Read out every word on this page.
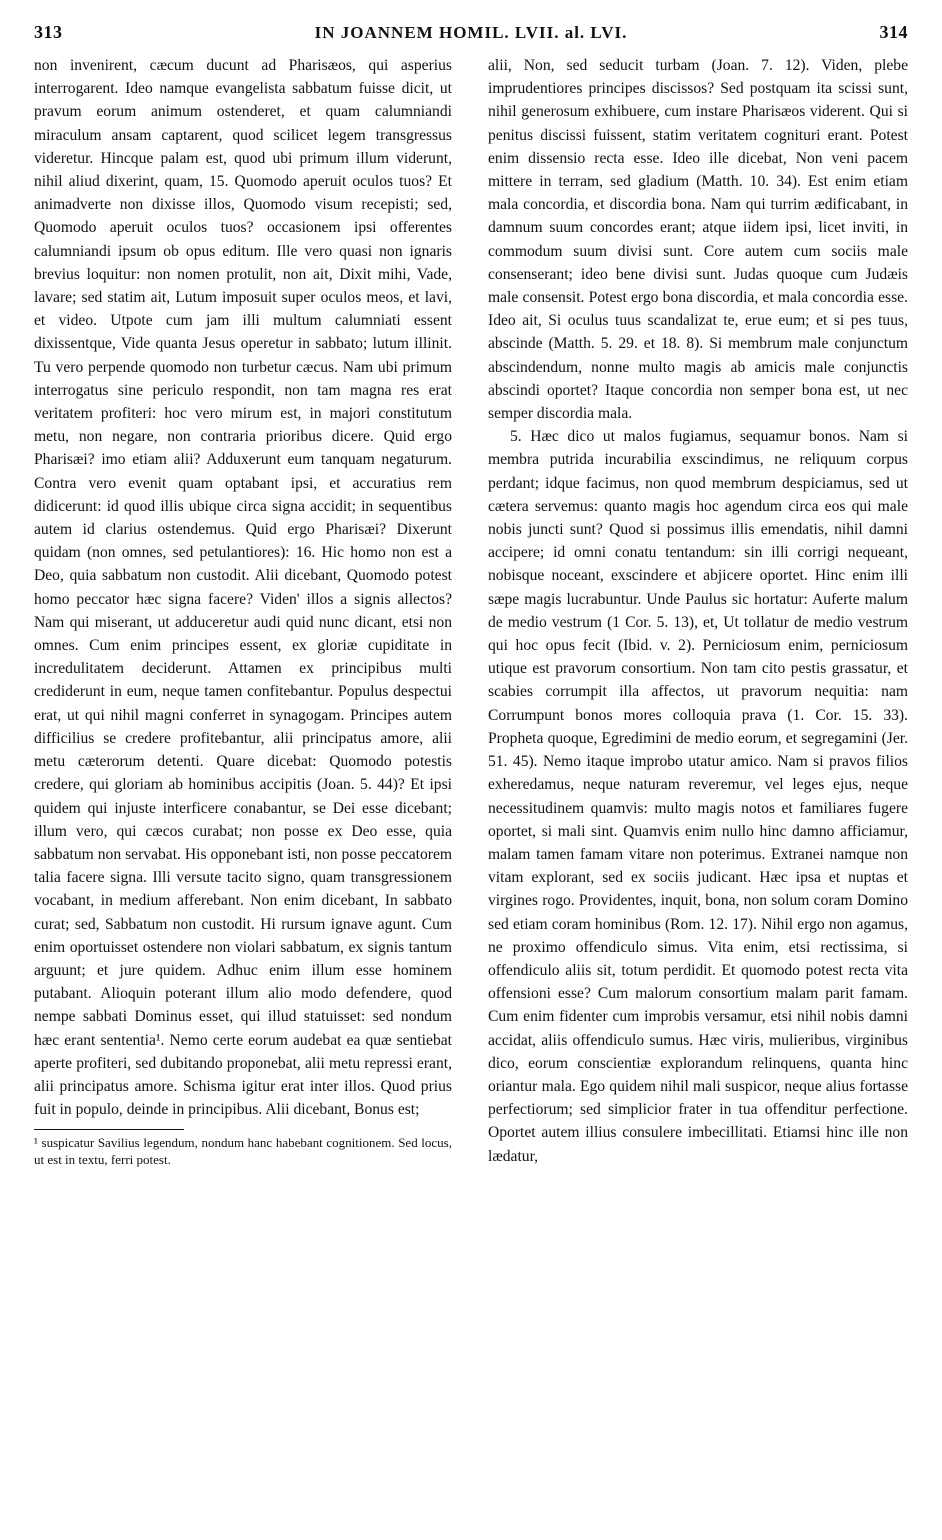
313	IN JOANNEM HOMIL. LVII. al. LVI.	314

non invenirent, cæcum ducunt ad Pharisæos, qui asperius interrogarent. Ideo namque evangelista sabbatum fuisse dicit, ut pravum eorum animum ostenderet, et quam calumniandi miraculum ansam captarent, quod scilicet legem transgressus videretur. Hincque palam est, quod ubi primum illum viderunt, nihil aliud dixerint, quam, 15. Quomodo aperuit oculos tuos? Et animadverte non dixisse illos, Quomodo visum recepisti; sed, Quomodo aperuit oculos tuos? occasionem ipsi offerentes calumniandi ipsum ob opus editum. Ille vero quasi non ignaris brevius loquitur: non nomen protulit, non ait, Dixit mihi, Vade, lavare; sed statim ait, Lutum imposuit super oculos meos, et lavi, et video. Utpote cum jam illi multum calumniati essent dixissentque, Vide quanta Jesus operetur in sabbato; lutum illinit. Tu vero perpende quomodo non turbetur cæcus. Nam ubi primum interrogatus sine periculo respondit, non tam magna res erat veritatem profiteri: hoc vero mirum est, in majori constitutum metu, non negare, non contraria prioribus dicere. Quid ergo Pharisæi? imo etiam alii? Adduxerunt eum tanquam negaturum. Contra vero evenit quam optabant ipsi, et accuratius rem didicerunt: id quod illis ubique circa signa accidit; in sequentibus autem id clarius ostendemus. Quid ergo Pharisæi? Dixerunt quidam (non omnes, sed petulantiores): 16. Hic homo non est a Deo, quia sabbatum non custodit. Alii dicebant, Quomodo potest homo peccator hæc signa facere? Viden' illos a signis allectos? Nam qui miserant, ut adduceretur audi quid nunc dicant, etsi non omnes. Cum enim principes essent, ex gloriæ cupiditate in incredulitatem deciderunt. Attamen ex principibus multi crediderunt in eum, neque tamen confitebantur. Populus despectui erat, ut qui nihil magni conferret in synagogam. Principes autem difficilius se credere profitebantur, alii principatus amore, alii metu cæterorum detenti. Quare dicebat: Quomodo potestis credere, qui gloriam ab hominibus accipitis (Joan. 5. 44)? Et ipsi quidem qui injuste interficere conabantur, se Dei esse dicebant; illum vero, qui cæcos curabat; non posse ex Deo esse, quia sabbatum non servabat. His opponebant isti, non posse peccatorem talia facere signa. Illi versute tacito signo, quam transgressionem vocabant, in medium afferebant. Non enim dicebant, In sabbato curat; sed, Sabbatum non custodit. Hi rursum ignave agunt. Cum enim oportuisset ostendere non violari sabbatum, ex signis tantum arguunt; et jure quidem. Adhuc enim illum esse hominem putabant. Alioquin poterant illum alio modo defendere, quod nempe sabbati Dominus esset, qui illud statuisset: sed nondum hæc erant sententia¹. Nemo certe eorum audebat ea quæ sentiebat aperte profiteri, sed dubitando proponebat, alii metu repressi erant, alii principatus amore. Schisma igitur erat inter illos. Quod prius fuit in populo, deinde in principibus. Alii dicebant, Bonus est;

¹ suspicatur Savilius legendum, nondum hanc habebant cognitionem. Sed locus, ut est in textu, ferri potest.

alii, Non, sed seducit turbam (Joan. 7. 12). Viden, plebe imprudentiores principes discissos? Sed postquam ita scissi sunt, nihil generosum exhibuere, cum instare Pharisæos viderent. Qui si penitus discissi fuissent, statim veritatem cognituri erant. Potest enim dissensio recta esse. Ideo ille dicebat, Non veni pacem mittere in terram, sed gladium (Matth. 10. 34). Est enim etiam mala concordia, et discordia bona. Nam qui turrim ædificabant, in damnum suum concordes erant; atque iidem ipsi, licet inviti, in commodum suum divisi sunt. Core autem cum sociis male consenserant; ideo bene divisi sunt. Judas quoque cum Judæis male consensit. Potest ergo bona discordia, et mala concordia esse. Ideo ait, Si oculus tuus scandalizat te, erue eum; et si pes tuus, abscinde (Matth. 5. 29. et 18. 8). Si membrum male conjunctum abscindendum, nonne multo magis ab amicis male conjunctis abscindi oportet? Itaque concordia non semper bona est, ut nec semper discordia mala.

5. Hæc dico ut malos fugiamus, sequamur bonos. Nam si membra putrida incurabilia exscindimus, ne reliquum corpus perdant; idque facimus, non quod membrum despiciamus, sed ut cætera servemus: quanto magis hoc agendum circa eos qui male nobis juncti sunt? Quod si possimus illis emendatis, nihil damni accipere; id omni conatu tentandum: sin illi corrigi nequeant, nobisque noceant, exscindere et abjicere oportet. Hinc enim illi sæpe magis lucrabuntur. Unde Paulus sic hortatur: Auferte malum de medio vestrum (1 Cor. 5. 13), et, Ut tollatur de medio vestrum qui hoc opus fecit (Ibid. v. 2). Perniciosum enim, perniciosum utique est pravorum consortium. Non tam cito pestis grassatur, et scabies corrumpit illa affectos, ut pravorum nequitia: nam Corrumpunt bonos mores colloquia prava (1. Cor. 15. 33). Propheta quoque, Egredimini de medio eorum, et segregamini (Jer. 51. 45). Nemo itaque improbo utatur amico. Nam si pravos filios exheredamus, neque naturam reveremur, vel leges ejus, neque necessitudinem quamvis: multo magis notos et familiares fugere oportet, si mali sint. Quamvis enim nullo hinc damno afficiamur, malam tamen famam vitare non poterimus. Extranei namque non vitam explorant, sed ex sociis judicant. Hæc ipsa et nuptas et virgines rogo. Providentes, inquit, bona, non solum coram Domino sed etiam coram hominibus (Rom. 12. 17). Nihil ergo non agamus, ne proximo offendiculo simus. Vita enim, etsi rectissima, si offendiculo aliis sit, totum perdidit. Et quomodo potest recta vita offensioni esse? Cum malorum consortium malam parit famam. Cum enim fidenter cum improbis versamur, etsi nihil nobis damni accidat, aliis offendiculo sumus. Hæc viris, mulieribus, virginibus dico, eorum conscientiæ explorandum relinquens, quanta hinc oriantur mala. Ego quidem nihil mali suspicor, neque alius fortasse perfectiorum; sed simplicior frater in tua offenditur perfectione. Oportet autem illius consulere imbecillitati. Etiamsi hinc ille non lædatur,
